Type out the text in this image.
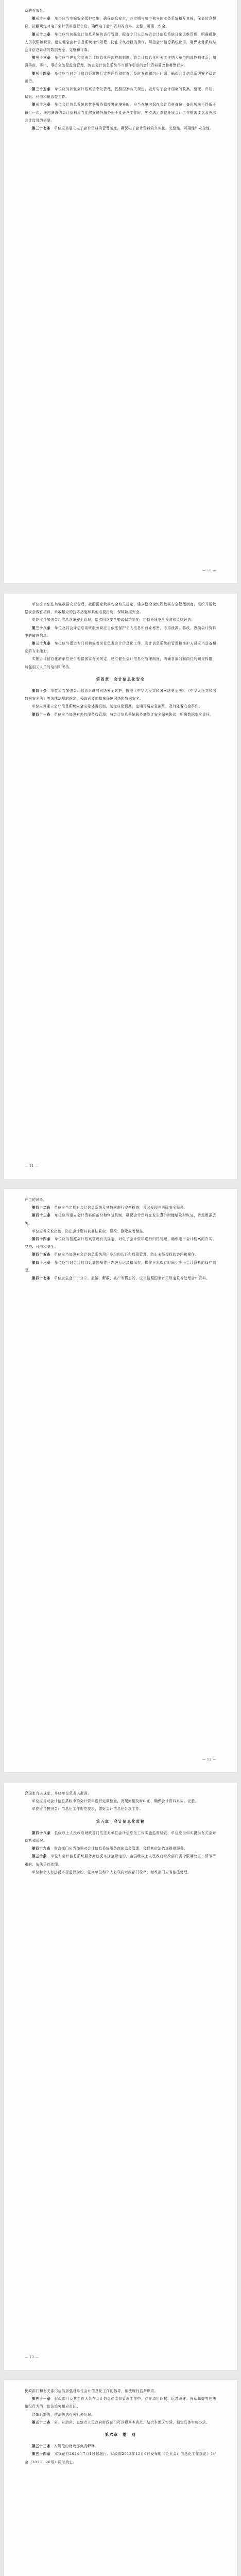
动的有效性。

第三十一条　 单位应当实施安全保护措施，确保信息安全，并定期与每个独立的业务系统相互复核，保证信息相符，按照规定对电子会计资料进行备份，确保电子会计资料的真实、完整、可用、安全。

第三十二条　 单位应当加强会计信息系统的运行管理，配备专门人员负责会计信息系统日常运维管理，明确操作人员权限和职责，建立健全会计信息系统操作规程，防止未经授权的操作，规范会计信息系统应用，确保业务系统与会计信息系统的数据安全、完整和可靠。

第三十三条　 单位应当建立和完善会计信息化内部控制制度，将会计信息化相关工作纳入单位内部控制体系，加强事前、事中、事后全流程监督管理，防止会计信息系统不当操作引发的会计资料篡改和舞弊行为。

第三十四条　 单位应当对会计信息系统进行定期评价和审查，及时发现和纠正问题，确保会计信息系统安全稳定运行。

第三十五条　 单位应当加强会计档案信息化管理，按照国家有关规定，做好电子会计档案的收集、整理、归档、保管、利用和销毁等工作。

第三十六条　 单位会计信息系统的数据服务器部署在境外的，应当在境内保存会计资料备份，备份频率不得低于每月一次。境内备份的会计资料应当能够在境外服务器不能正常工作时，独立满足单位开展会计工作的需要以及外部会计监督的需要。

第三十七条　 单位应当建立电子会计资料的管理制度，确保电子会计资料的真实性、完整性、可用性和安全性。

— 10 —

单位应当依法加强数据安全管理，按照国家数据安全有关规定，建立健全全流程数据安全管理制度，组织开展数据安全教育培训，采取相应的技术措施和其他必要措施，保障数据安全。

单位应当加强会计信息系统安全管理，落实网络安全等级保护制度，定期开展安全检测和风险评估。

第三十八条　 单位及其会计信息系统服务商应当依法保护个人信息和商业秘密，不得泄露、篡改、毁损会计资料中的敏感信息。

第三十九条　 单位应当指定专门机构或者岗位负责会计信息化工作，会计信息系统的管理和维护人员应当具备相应的专业能力。

实施会计信息化的单位应当根据国家有关规定，建立健全会计信息化管理制度，明确各部门和岗位的职责权限，加强相关人员的培训和考核。

第四章　会计信息化安全

第四十条　 单位应当加强会计信息系统的网络安全防护，按照《中华人民共和国网络安全法》、《中华人民共和国数据安全法》等法律法规的规定，采取必要的措施保障网络和数据安全。

单位应当建立会计信息系统安全应急处置机制，制定应急预案，定期开展应急演练，及时处置安全事件。

第四十一条　 单位应当加强对外包服务的管理，与会计信息系统服务商签订安全保密协议，明确数据安全责任。

— 11 —

产生的风险。

第四十二条　 单位应当定期对会计信息系统及其数据进行安全检查，及时发现并消除安全隐患。

第四十三条　 单位应当建立会计资料的备份和恢复机制，确保会计资料在发生意外时能够及时恢复，防范数据丢失。

单位应当采取措施，防止会计资料被非法获取、篡改、删除或者泄露。

第四十四条　 单位应当按照会计档案管理有关规定，对电子会计资料进行归档管理，确保电子会计档案的真实、完整、可用和安全。

第四十五条　 单位应当加强对会计信息系统用户身份的认证和权限管理，防止未经授权的访问和操作。

第四十六条　 单位应当对会计信息系统的操作日志进行记录和保存，操作日志保存时间不少于会计资料的保存期限。

第四十七条　 单位发生合并、分立、撤销、解散、破产等情形的，应当按照国家有关规定妥善处理会计资料。

— 12 —

合国家有关规定，并经单位负责人批准。

单位应当对会计信息系统中的会计资料进行定期检查，发现问题及时纠正，确保会计资料真实、完整。

单位应当按照会计信息化工作规范要求，做好会计信息化各项工作。

第五章　会计信息化监督

第四十八条　 县级以上人民政府财政部门依法对单位会计信息化工作实施监督检查，单位应当如实提供有关会计资料和情况。

第四十九条　 财政部门应当加强对会计信息系统服务商的监督管理，督促其依法依规提供服务。

第五十条　 单位和会计信息系统服务商违反本规范规定的，由县级以上人民政府财政部门责令限期改正；情节严重的，依法予以处理。

单位和个人有违反本规范行为的，任何单位和个人有权向财政部门检举，财政部门应当依法处理。

— 13 —

民政部门和有关部门应当加强对单位会计信息化工作的指导，依法履行监督职责。

第五十一条　 财政部门及其工作人员在会计信息化监督管理工作中，存在滥用职权、玩忽职守、徇私舞弊等违法违纪行为的，依法追究相应责任。

涉嫌犯罪的，依法移送有关机关处理。

第五十二条　 省、自治区、直辖市人民政府财政部门可以根据本规范，结合本地区实际，制定具体实施办法。

第六章　附　则

第五十三条　 本规范由财政部负责解释。

第五十四条　 本规范自2024年7月1日起施行。财政部2013年12月6日发布的《企业会计信息化工作规范》（财会〔2013〕20号）同时废止。
